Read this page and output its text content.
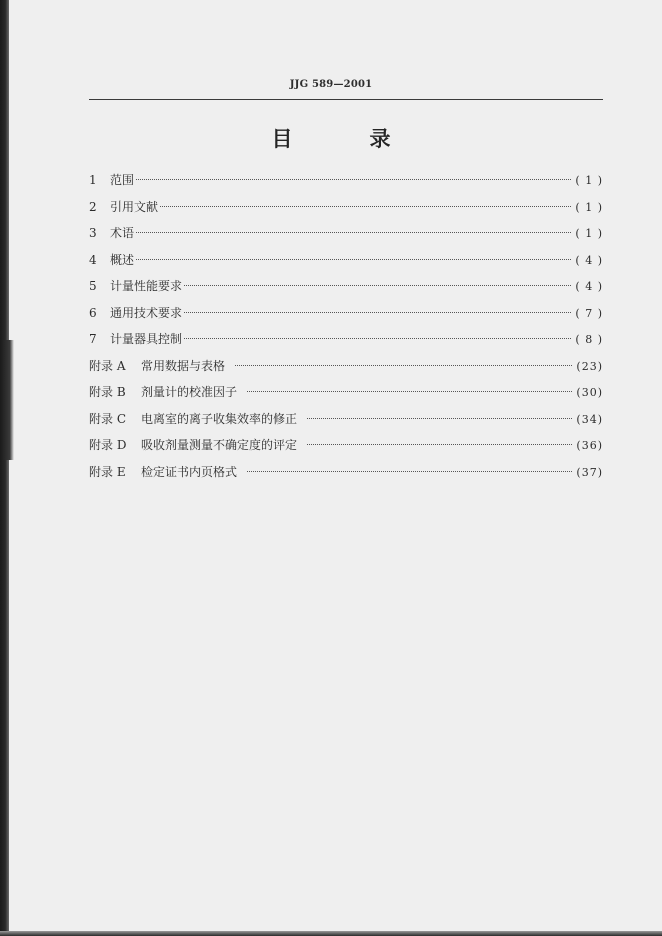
JJG 589—2001
目　录
1	范围	( 1 )
2	引用文献	( 1 )
3	术语	( 1 )
4	概述	( 4 )
5	计量性能要求	( 4 )
6	通用技术要求	( 7 )
7	计量器具控制	( 8 )
附录 A	常用数据与表格	(23)
附录 B	剂量计的校准因子	(30)
附录 C	电离室的离子收集效率的修正	(34)
附录 D	吸收剂量测量不确定度的评定	(36)
附录 E	检定证书内页格式	(37)
